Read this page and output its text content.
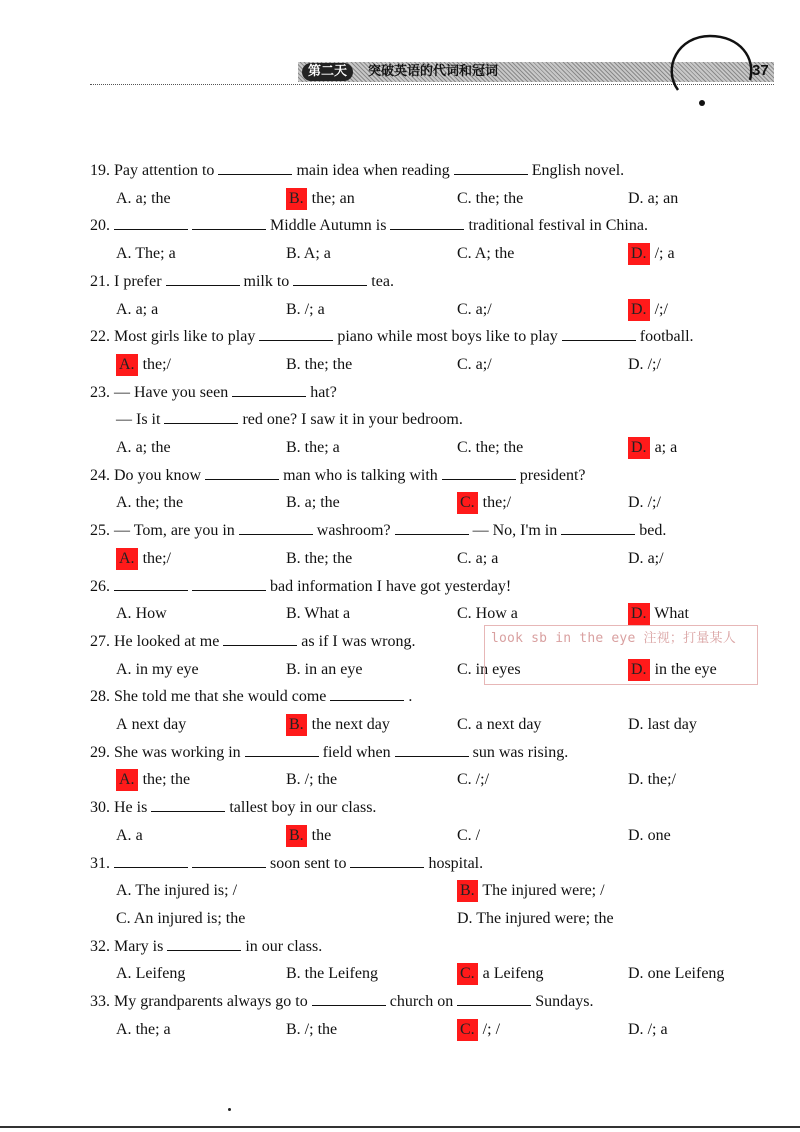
第二天	突破英语的代词和冠词	37
19. Pay attention to	main idea when reading	English novel.
A. a; the	B. the; an	C. the; the	D. a; an
20.	Middle Autumn is	traditional festival in China.
A. The; a	B. A; a	C. A; the	D. /; a
21. I prefer	milk to	tea.
A. a; a	B. /; a	C. a;/	D. /;/
22. Most girls like to play	piano while most boys like to play	football.
A. the;/	B. the; the	C. a;/	D. /;/
23. — Have you seen	hat?
— Is it	red one? I saw it in your bedroom.
A. a; the	B. the; a	C. the; the	D. a; a
24. Do you know	man who is talking with	president?
A. the; the	B. a; the	C. the;/	D. /;/
25. — Tom, are you in	washroom?	— No, I'm in	bed.
A. the;/	B. the; the	C. a; a	D. a;/
26.	bad information I have got yesterday!
A. How	B. What a	C. How a	D. What
27. He looked at me	as if I was wrong.
A. in my eye	B. in an eye	C. in eyes	D. in the eye
28. She told me that she would come	.
A next day	B. the next day	C. a next day	D. last day
29. She was working in	field when	sun was rising.
A. the; the	B. /; the	C. /;/	D. the;/
30. He is	tallest boy in our class.
A. a	B. the	C. /	D. one
31.	soon sent to	hospital.
A. The injured is; /	B. The injured were; /
C. An injured is; the	D. The injured were; the
32. Mary is	in our class.
A. Leifeng	B. the Leifeng	C. a Leifeng	D. one Leifeng
33. My grandparents always go to	church on	Sundays.
A. the; a	B. /; the	C. /; /	D. /; a
look sb in the eye 注视；打量某人
